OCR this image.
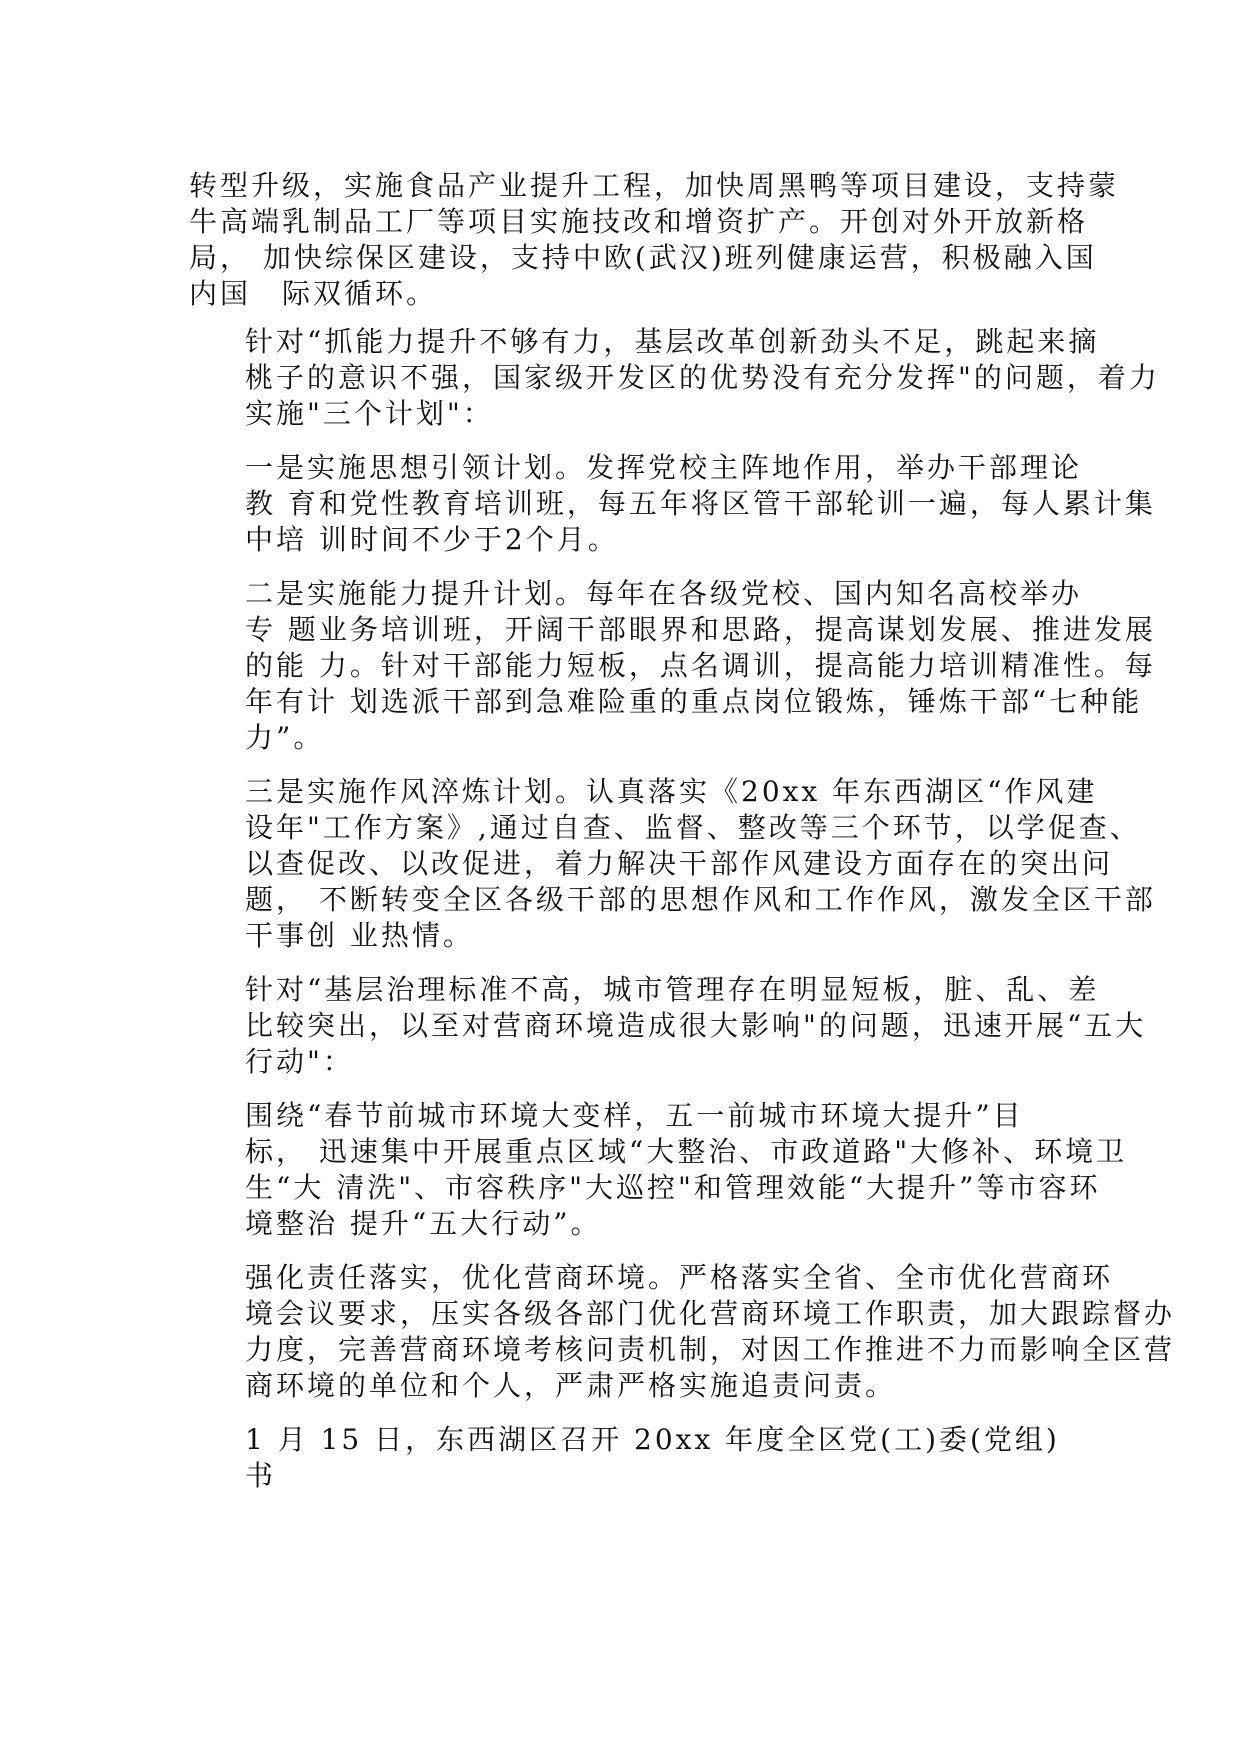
转型升级，实施食品产业提升工程，加快周黑鸭等项目建设，支持蒙
牛高端乳制品工厂等项目实施技改和增资扩产。开创对外开放新格
局， 加快综保区建设，支持中欧(武汉)班列健康运营，积极融入国
内国　际双循环。

针对“抓能力提升不够有力，基层改革创新劲头不足，跳起来摘
桃子的意识不强，国家级开发区的优势没有充分发挥"的问题，着力
实施"三个计划"：

一是实施思想引领计划。发挥党校主阵地作用，举办干部理论
教 育和党性教育培训班，每五年将区管干部轮训一遍，每人累计集
中培 训时间不少于2个月。

二是实施能力提升计划。每年在各级党校、国内知名高校举办
专 题业务培训班，开阔干部眼界和思路，提高谋划发展、推进发展
的能 力。针对干部能力短板，点名调训，提高能力培训精准性。每
年有计 划选派干部到急难险重的重点岗位锻炼，锤炼干部“七种能
力”。

三是实施作风淬炼计划。认真落实《20xx 年东西湖区“作风建
设年"工作方案》,通过自查、监督、整改等三个环节，以学促查、
以查促改、以改促进，着力解决干部作风建设方面存在的突出问
题， 不断转变全区各级干部的思想作风和工作作风，激发全区干部
干事创 业热情。

针对“基层治理标准不高，城市管理存在明显短板，脏、乱、差
比较突出，以至对营商环境造成很大影响"的问题，迅速开展“五大
行动"：

围绕“春节前城市环境大变样，五一前城市环境大提升”目
标， 迅速集中开展重点区域“大整治、市政道路"大修补、环境卫
生“大 清洗"、市容秩序"大巡控"和管理效能“大提升”等市容环
境整治 提升“五大行动”。

强化责任落实，优化营商环境。严格落实全省、全市优化营商环
境会议要求，压实各级各部门优化营商环境工作职责，加大跟踪督办
力度，完善营商环境考核问责机制，对因工作推进不力而影响全区营
商环境的单位和个人，严肃严格实施追责问责。

1 月 15 日，东西湖区召开 20xx 年度全区党(工)委(党组)
书
